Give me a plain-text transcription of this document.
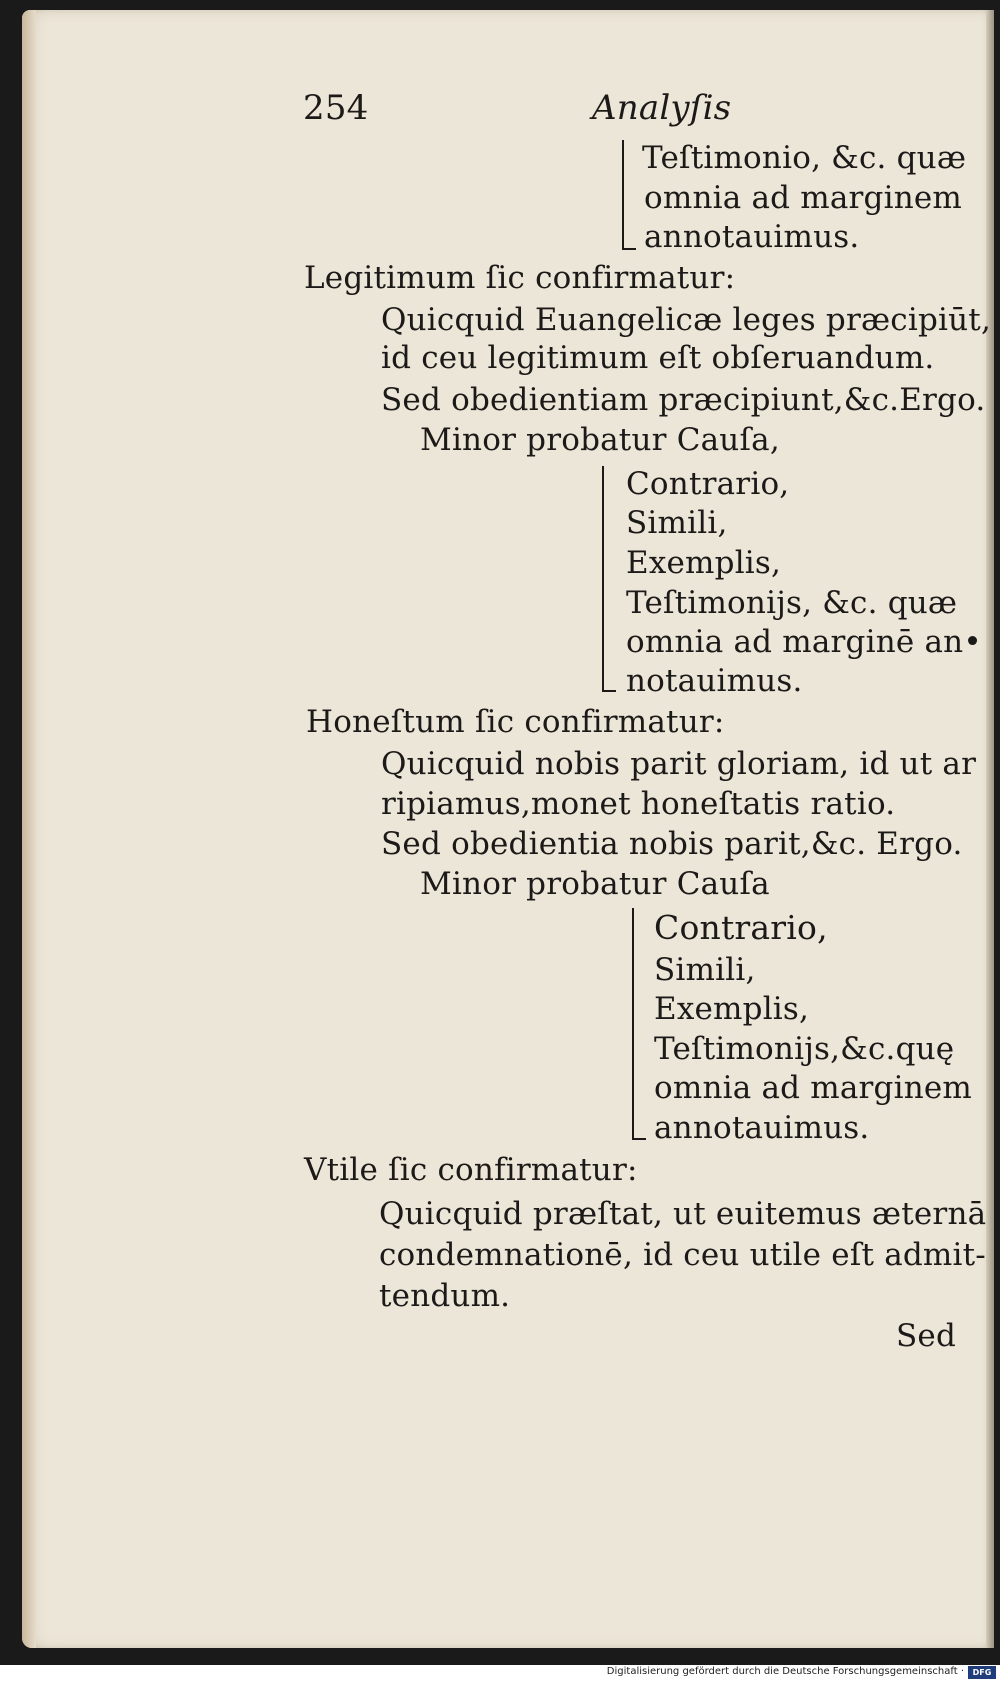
254	Analyſis
Teſtimonio, &c. quæ
omnia ad marginem
annotauimus.
Legitimum ſic confirmatur:
Quicquid Euangelicæ leges præcipiūt,
id ceu legitimum eſt obſeruandum.
Sed obedientiam præcipiunt,&c.Ergo.
Minor probatur Cauſa,
Contrario,
Simili,
Exemplis,
Teſtimonijs, &c. quæ
omnia ad marginē an•
notauimus.
Honeſtum ſic confirmatur:
Quicquid nobis parit gloriam, id ut ar
ripiamus,monet honeſtatis ratio.
Sed obedientia nobis parit,&c. Ergo.
Minor probatur Cauſa
Contrario,
Simili,
Exemplis,
Teſtimonijs,&c.quę
omnia ad marginem
annotauimus.
Vtile ſic confirmatur:
Quicquid præſtat, ut euitemus æternā
condemnationē, id ceu utile eſt admit-
tendum.
Sed
Digitalisierung gefördert durch die Deutsche Forschungsgemeinschaft ·	DFG
